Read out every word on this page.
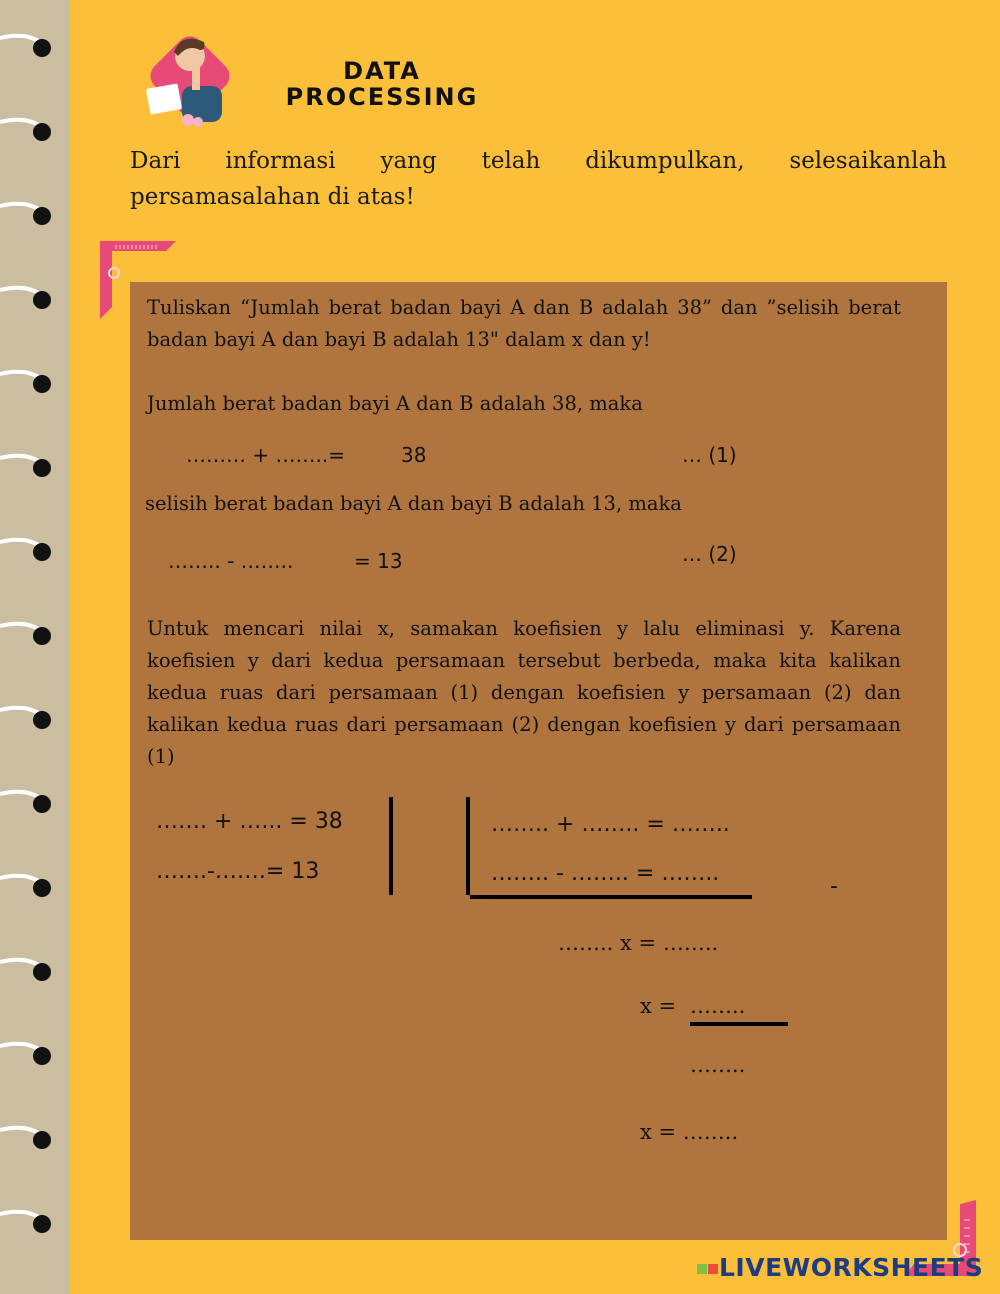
DATA
PROCESSING
Dari informasi yang telah dikumpulkan, selesaikanlah persamasalahan di atas!
Tuliskan “Jumlah berat badan bayi A dan B adalah 38” dan ”selisih berat badan bayi A dan bayi B adalah 13" dalam x dan y!
Jumlah berat badan bayi A dan B adalah 38, maka
……… + ……..=	38	… (1)
selisih berat badan bayi A dan bayi B adalah 13, maka
…….. - ……..	= 13	… (2)
Untuk mencari nilai x, samakan koefisien y lalu eliminasi y. Karena koefisien y dari kedua persamaan tersebut berbeda, maka kita kalikan kedua ruas dari persamaan (1) dengan koefisien y persamaan (2) dan kalikan kedua ruas dari persamaan (2) dengan koefisien y dari persamaan (1)
……. + …... = 38
…….-…….= 13
…….. + …….. = ……..
…….. - …….. = ……..
-
…….. x = ……..
x = ……..
……..
x = ……..
LIVEWORKSHEETS
